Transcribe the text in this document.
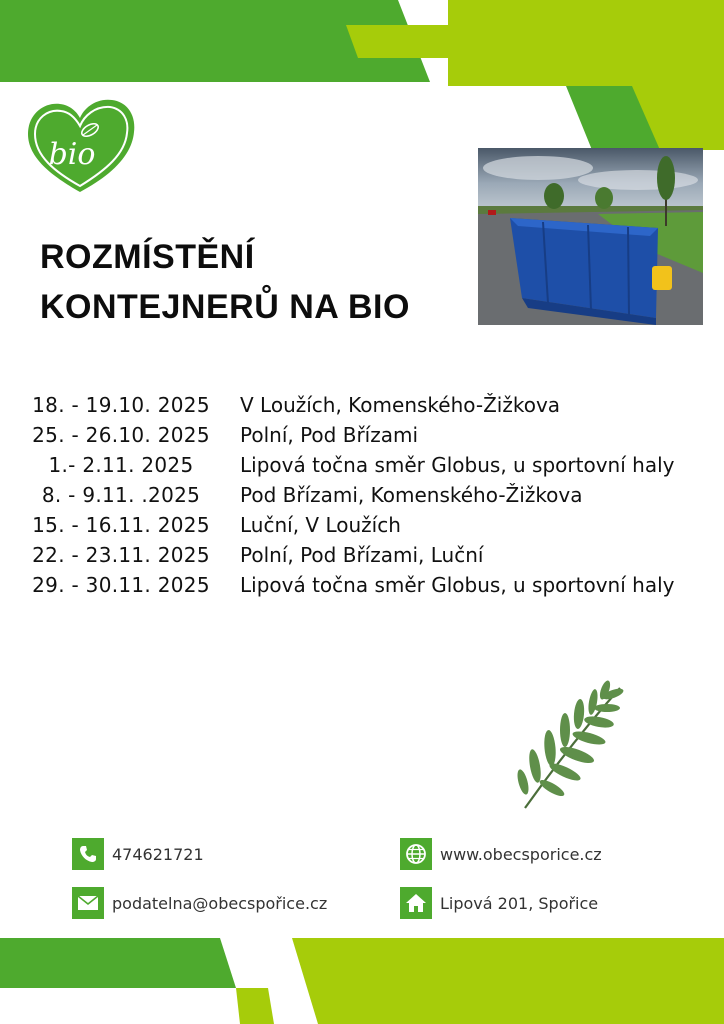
bio
ROZMÍSTĚNÍ
KONTEJNERŮ NA BIO
18. - 19.10. 2025	V Loužích, Komenského-Žižkova
25. - 26.10. 2025	Polní, Pod Břízami
1.- 2.11. 2025	Lipová točna směr Globus, u sportovní haly
8. - 9.11. .2025	Pod Břízami, Komenského-Žižkova
15. - 16.11. 2025	Luční, V Loužích
22. - 23.11. 2025	Polní, Pod Břízami, Luční
29. - 30.11. 2025	Lipová točna směr Globus, u sportovní haly
474621721
podatelna@obecspořice.cz
www.obecsporice.cz
Lipová 201, Spořice
